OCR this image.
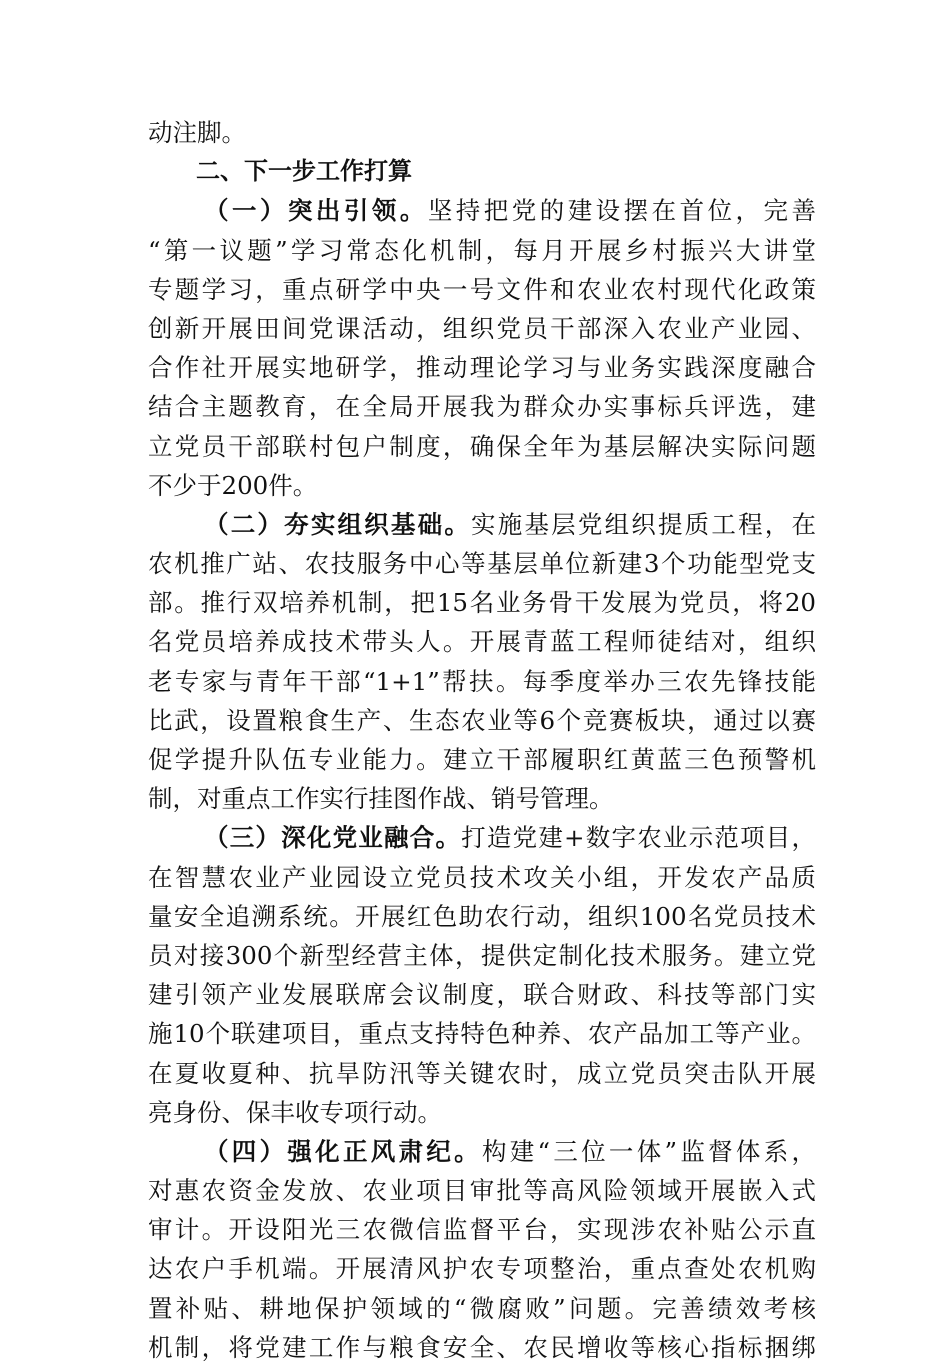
动注脚。
二、下一步工作打算
（一）突出引领。坚持把党的建设摆在首位，完善
“第一议题”学习常态化机制，每月开展乡村振兴大讲堂
专题学习，重点研学中央一号文件和农业农村现代化政策
创新开展田间党课活动，组织党员干部深入农业产业园、
合作社开展实地研学，推动理论学习与业务实践深度融合
结合主题教育，在全局开展我为群众办实事标兵评选，建
立党员干部联村包户制度，确保全年为基层解决实际问题
不少于200件。
（二）夯实组织基础。实施基层党组织提质工程，在
农机推广站、农技服务中心等基层单位新建3个功能型党支
部。推行双培养机制，把15名业务骨干发展为党员，将20
名党员培养成技术带头人。开展青蓝工程师徒结对，组织
老专家与青年干部“1+1”帮扶。每季度举办三农先锋技能
比武，设置粮食生产、生态农业等6个竞赛板块，通过以赛
促学提升队伍专业能力。建立干部履职红黄蓝三色预警机
制，对重点工作实行挂图作战、销号管理。
（三）深化党业融合。打造党建+数字农业示范项目，
在智慧农业产业园设立党员技术攻关小组，开发农产品质
量安全追溯系统。开展红色助农行动，组织100名党员技术
员对接300个新型经营主体，提供定制化技术服务。建立党
建引领产业发展联席会议制度，联合财政、科技等部门实
施10个联建项目，重点支持特色种养、农产品加工等产业。
在夏收夏种、抗旱防汛等关键农时，成立党员突击队开展
亮身份、保丰收专项行动。
（四）强化正风肃纪。构建“三位一体”监督体系，
对惠农资金发放、农业项目审批等高风险领域开展嵌入式
审计。开设阳光三农微信监督平台，实现涉农补贴公示直
达农户手机端。开展清风护农专项整治，重点查处农机购
置补贴、耕地保护领域的“微腐败”问题。完善绩效考核
机制，将党建工作与粮食安全、农民增收等核心指标捆绑
